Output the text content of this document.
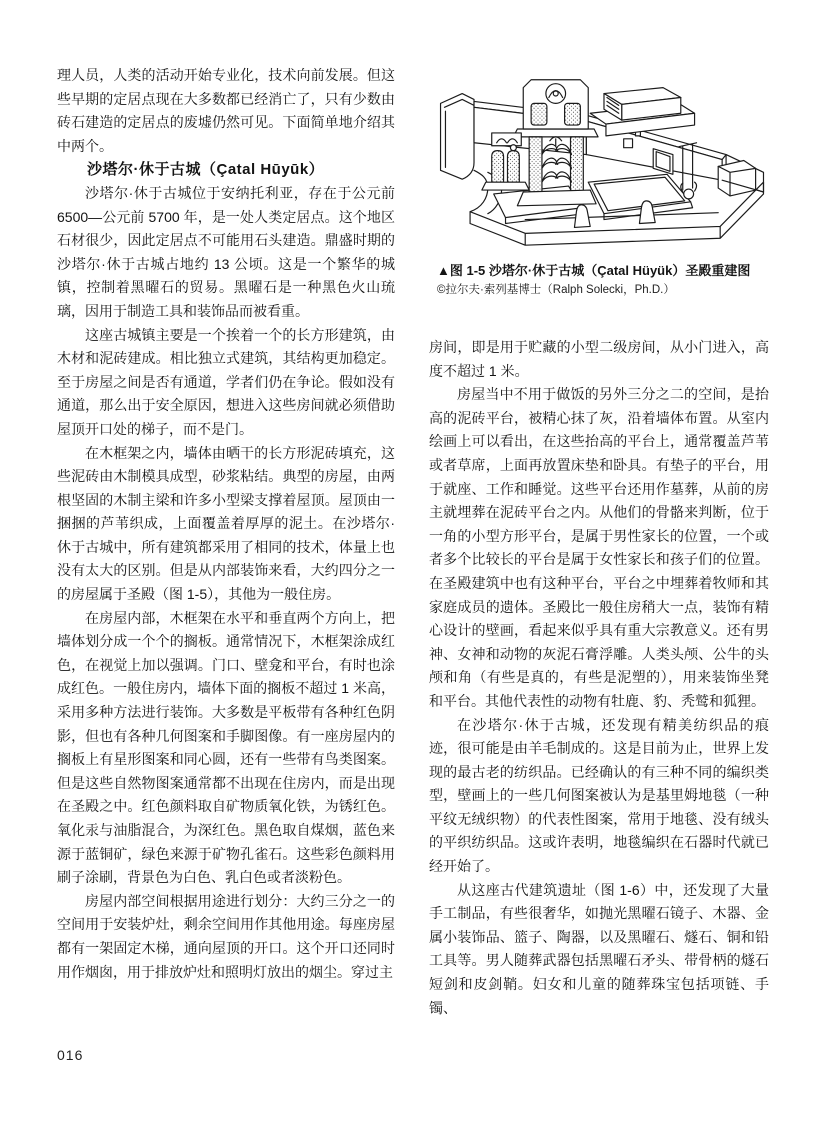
理人员，人类的活动开始专业化，技术向前发展。但这些早期的定居点现在大多数都已经消亡了，只有少数由砖石建造的定居点的废墟仍然可见。下面简单地介绍其中两个。

沙塔尔·休于古城（Çatal Hūyūk）

沙塔尔·休于古城位于安纳托利亚，存在于公元前 6500—公元前 5700 年，是一处人类定居点。这个地区石材很少，因此定居点不可能用石头建造。鼎盛时期的沙塔尔·休于古城占地约 13 公顷。这是一个繁华的城镇，控制着黑曜石的贸易。黑曜石是一种黑色火山琉璃，因用于制造工具和装饰品而被看重。

这座古城镇主要是一个挨着一个的长方形建筑，由木材和泥砖建成。相比独立式建筑，其结构更加稳定。至于房屋之间是否有通道，学者们仍在争论。假如没有通道，那么出于安全原因，想进入这些房间就必须借助屋顶开口处的梯子，而不是门。

在木框架之内，墙体由晒干的长方形泥砖填充，这些泥砖由木制模具成型，砂浆粘结。典型的房屋，由两根坚固的木制主梁和许多小型梁支撑着屋顶。屋顶由一捆捆的芦苇织成，上面覆盖着厚厚的泥土。在沙塔尔·休于古城中，所有建筑都采用了相同的技术，体量上也没有太大的区别。但是从内部装饰来看，大约四分之一的房屋属于圣殿（图 1-5），其他为一般住房。

在房屋内部，木框架在水平和垂直两个方向上，把墙体划分成一个个的搁板。通常情况下，木框架涂成红色，在视觉上加以强调。门口、壁龛和平台，有时也涂成红色。一般住房内，墙体下面的搁板不超过 1 米高，采用多种方法进行装饰。大多数是平板带有各种红色阴影，但也有各种几何图案和手脚图像。有一座房屋内的搁板上有星形图案和同心圆，还有一些带有鸟类图案。但是这些自然物图案通常都不出现在住房内，而是出现在圣殿之中。红色颜料取自矿物质氧化铁，为锈红色。氧化汞与油脂混合，为深红色。黑色取自煤烟，蓝色来源于蓝铜矿，绿色来源于矿物孔雀石。这些彩色颜料用刷子涂刷，背景色为白色、乳白色或者淡粉色。

房屋内部空间根据用途进行划分：大约三分之一的空间用于安装炉灶，剩余空间用作其他用途。每座房屋都有一架固定木梯，通向屋顶的开口。这个开口还同时用作烟囱，用于排放炉灶和照明灯放出的烟尘。穿过主

▲图 1-5 沙塔尔·休于古城（Çatal Hüyük）圣殿重建图
©拉尔夫·索列基博士（Ralph Solecki，Ph.D.）

房间，即是用于贮藏的小型二级房间，从小门进入，高度不超过 1 米。

房屋当中不用于做饭的另外三分之二的空间，是抬高的泥砖平台，被精心抹了灰，沿着墙体布置。从室内绘画上可以看出，在这些抬高的平台上，通常覆盖芦苇或者草席，上面再放置床垫和卧具。有垫子的平台，用于就座、工作和睡觉。这些平台还用作墓葬，从前的房主就埋葬在泥砖平台之内。从他们的骨骼来判断，位于一角的小型方形平台，是属于男性家长的位置，一个或者多个比较长的平台是属于女性家长和孩子们的位置。在圣殿建筑中也有这种平台，平台之中埋葬着牧师和其家庭成员的遗体。圣殿比一般住房稍大一点，装饰有精心设计的壁画，看起来似乎具有重大宗教意义。还有男神、女神和动物的灰泥石膏浮雕。人类头颅、公牛的头颅和角（有些是真的，有些是泥塑的），用来装饰坐凳和平台。其他代表性的动物有牡鹿、豹、秃鹫和狐狸。

在沙塔尔·休于古城，还发现有精美纺织品的痕迹，很可能是由羊毛制成的。这是目前为止，世界上发现的最古老的纺织品。已经确认的有三种不同的编织类型，壁画上的一些几何图案被认为是基里姆地毯（一种平纹无绒织物）的代表性图案，常用于地毯、没有绒头的平织纺织品。这或许表明，地毯编织在石器时代就已经开始了。

从这座古代建筑遗址（图 1-6）中，还发现了大量手工制品，有些很奢华，如抛光黑曜石镜子、木器、金属小装饰品、篮子、陶器，以及黑曜石、燧石、铜和铅工具等。男人随葬武器包括黑曜石矛头、带骨柄的燧石短剑和皮剑鞘。妇女和儿童的随葬珠宝包括项链、手镯、

016
